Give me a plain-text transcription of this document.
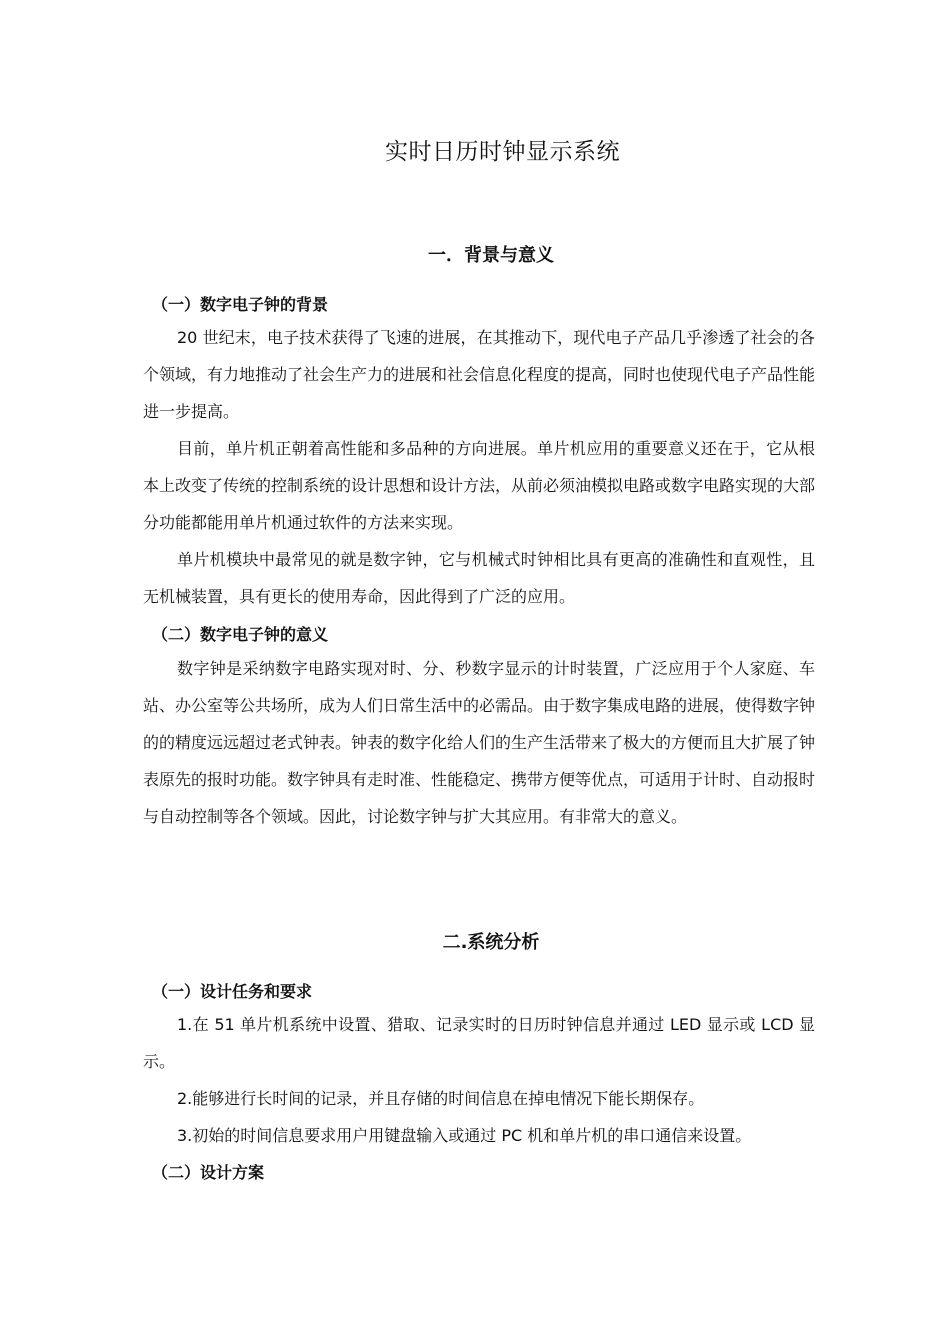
实时日历时钟显示系统
一．背景与意义
（一）数字电子钟的背景

20 世纪末，电子技术获得了飞速的进展，在其推动下，现代电子产品几乎渗透了社会的各个领域，有力地推动了社会生产力的进展和社会信息化程度的提高，同时也使现代电子产品性能进一步提高。

目前，单片机正朝着高性能和多品种的方向进展。单片机应用的重要意义还在于，它从根本上改变了传统的控制系统的设计思想和设计方法，从前必须油模拟电路或数字电路实现的大部分功能都能用单片机通过软件的方法来实现。

单片机模块中最常见的就是数字钟，它与机械式时钟相比具有更高的准确性和直观性，且无机械装置，具有更长的使用寿命，因此得到了广泛的应用。

（二）数字电子钟的意义

数字钟是采纳数字电路实现对时、分、秒数字显示的计时装置，广泛应用于个人家庭、车站、办公室等公共场所，成为人们日常生活中的必需品。由于数字集成电路的进展，使得数字钟的的精度远远超过老式钟表。钟表的数字化给人们的生产生活带来了极大的方便而且大扩展了钟表原先的报时功能。数字钟具有走时准、性能稳定、携带方便等优点，可适用于计时、自动报时与自动控制等各个领域。因此，讨论数字钟与扩大其应用。有非常大的意义。

二.系统分析
（一）设计任务和要求

1.在 51 单片机系统中设置、猎取、记录实时的日历时钟信息并通过 LED 显示或 LCD 显示。

2.能够进行长时间的记录，并且存储的时间信息在掉电情况下能长期保存。

3.初始的时间信息要求用户用键盘输入或通过 PC 机和单片机的串口通信来设置。

（二）设计方案
